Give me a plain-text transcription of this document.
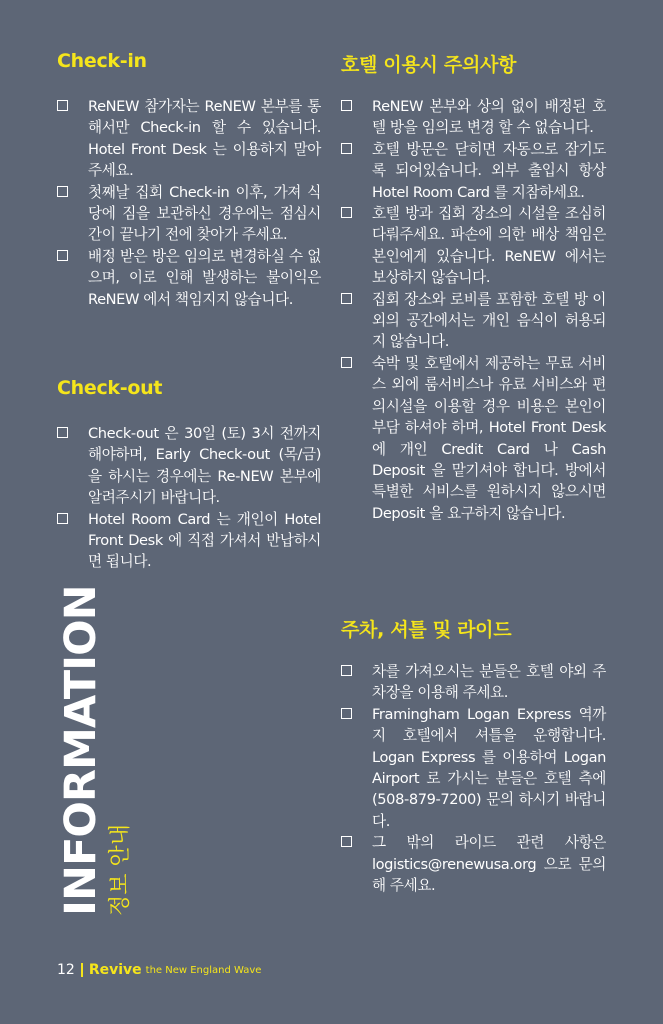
Check-in
ReNEW 참가자는 ReNEW 본부를 통해서만 Check-in 할 수 있습니다. Hotel Front Desk 는 이용하지 말아주세요.
첫째날 집회 Check-in 이후, 가져 식당에 짐을 보관하신 경우에는 점심시간이 끝나기 전에 찾아가 주세요.
배정 받은 방은 임의로 변경하실 수 없으며, 이로 인해 발생하는 불이익은 ReNEW 에서 책임지지 않습니다.
Check-out
Check-out 은 30일 (토) 3시 전까지 해야하며, Early Check-out (목/금) 을 하시는 경우에는 Re-NEW 본부에 알려주시기 바랍니다.
Hotel Room Card 는 개인이 Hotel Front Desk 에 직접 가셔서 반납하시면 됩니다.
호텔 이용시 주의사항
ReNEW 본부와 상의 없이 배정된 호텔 방을 임의로 변경 할 수 없습니다.
호텔 방문은 닫히면 자동으로 잠기도록 되어있습니다. 외부 출입시 항상 Hotel Room Card 를 지참하세요.
호텔 방과 집회 장소의 시설을 조심히 다뤄주세요. 파손에 의한 배상 책임은 본인에게 있습니다. ReNEW 에서는 보상하지 않습니다.
집회 장소와 로비를 포함한 호텔 방 이외의 공간에서는 개인 음식이 허용되지 않습니다.
숙박 및 호텔에서 제공하는 무료 서비스 외에 룸서비스나 유료 서비스와 편의시설을 이용할 경우 비용은 본인이 부담 하셔야 하며, Hotel Front Desk 에 개인 Credit Card 나 Cash Deposit 을 맡기셔야 합니다. 방에서 특별한 서비스를 원하시지 않으시면 Deposit 을 요구하지 않습니다.
주차, 셔틀 및 라이드
차를 가져오시는 분들은 호텔 야외 주차장을 이용해 주세요.
Framingham Logan Express 역까지 호텔에서 셔틀을 운행합니다. Logan Express 를 이용하여 Logan Airport 로 가시는 분들은 호텔 측에 (508-879-7200) 문의 하시기 바랍니다.
그 밖의 라이드 관련 사항은 logistics@renewusa.org 으로 문의해 주세요.
INFORMATION 정보 안내
12 Revive the New England Wave
